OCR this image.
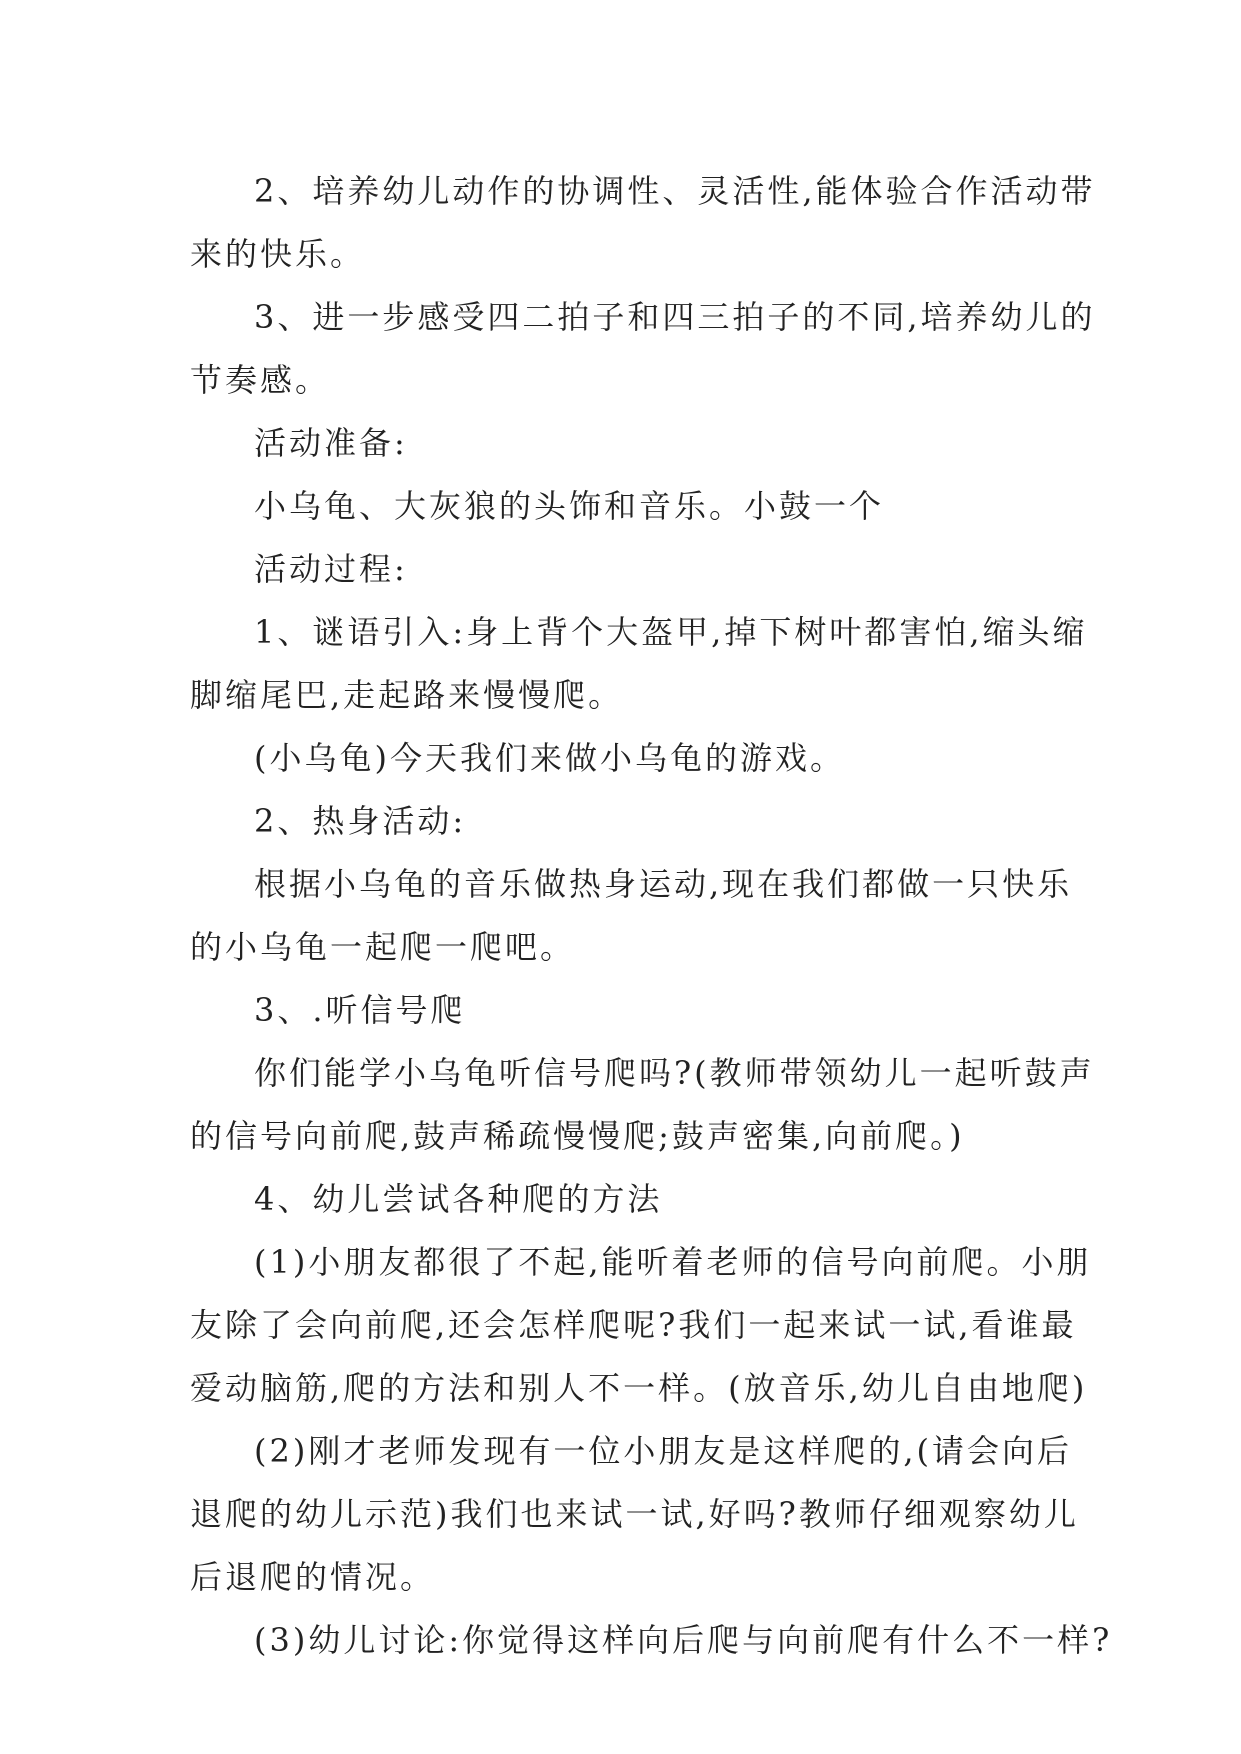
2、培养幼儿动作的协调性、灵活性,能体验合作活动带

来的快乐。

3、进一步感受四二拍子和四三拍子的不同,培养幼儿的

节奏感。

活动准备:

小乌龟、大灰狼的头饰和音乐。小鼓一个

活动过程:

1、谜语引入:身上背个大盔甲,掉下树叶都害怕,缩头缩

脚缩尾巴,走起路来慢慢爬。

(小乌龟)今天我们来做小乌龟的游戏。

2、热身活动:

根据小乌龟的音乐做热身运动,现在我们都做一只快乐

的小乌龟一起爬一爬吧。

3、.听信号爬

你们能学小乌龟听信号爬吗?(教师带领幼儿一起听鼓声

的信号向前爬,鼓声稀疏慢慢爬;鼓声密集,向前爬。)

4、幼儿尝试各种爬的方法

(1)小朋友都很了不起,能听着老师的信号向前爬。小朋

友除了会向前爬,还会怎样爬呢?我们一起来试一试,看谁最

爱动脑筋,爬的方法和别人不一样。(放音乐,幼儿自由地爬)

(2)刚才老师发现有一位小朋友是这样爬的,(请会向后

退爬的幼儿示范)我们也来试一试,好吗?教师仔细观察幼儿

后退爬的情况。

(3)幼儿讨论:你觉得这样向后爬与向前爬有什么不一样?
